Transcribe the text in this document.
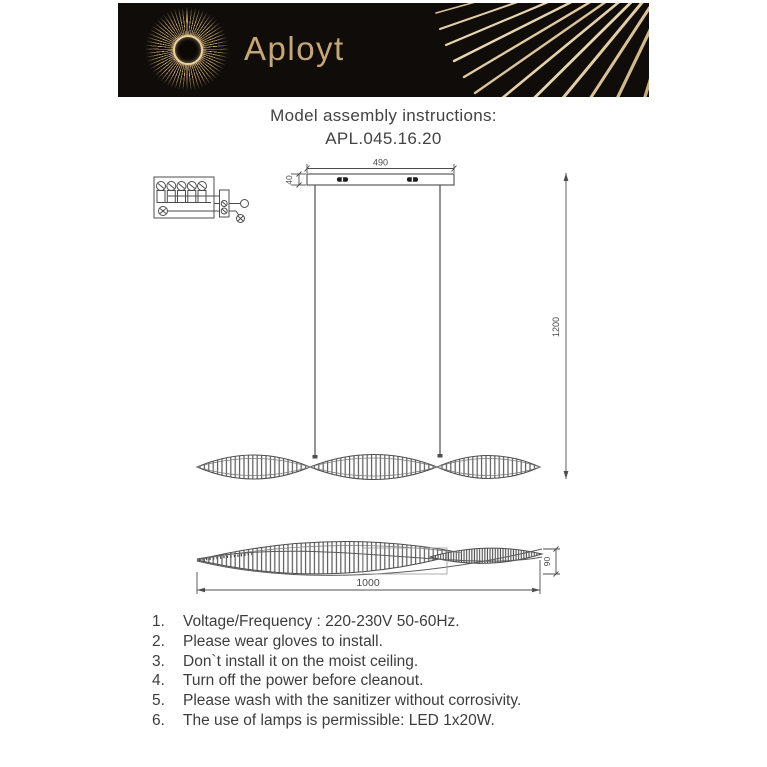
Aployt
Model assembly instructions:
APL.045.16.20
490
40
1200
1000
90
1. Voltage/Frequency : 220-230V 50-60Hz.
2. Please wear gloves to install.
3. Don`t install it on the moist ceiling.
4. Turn off the power before cleanout.
5. Please wash with the sanitizer without corrosivity.
6. The use of lamps is permissible: LED 1x20W.
